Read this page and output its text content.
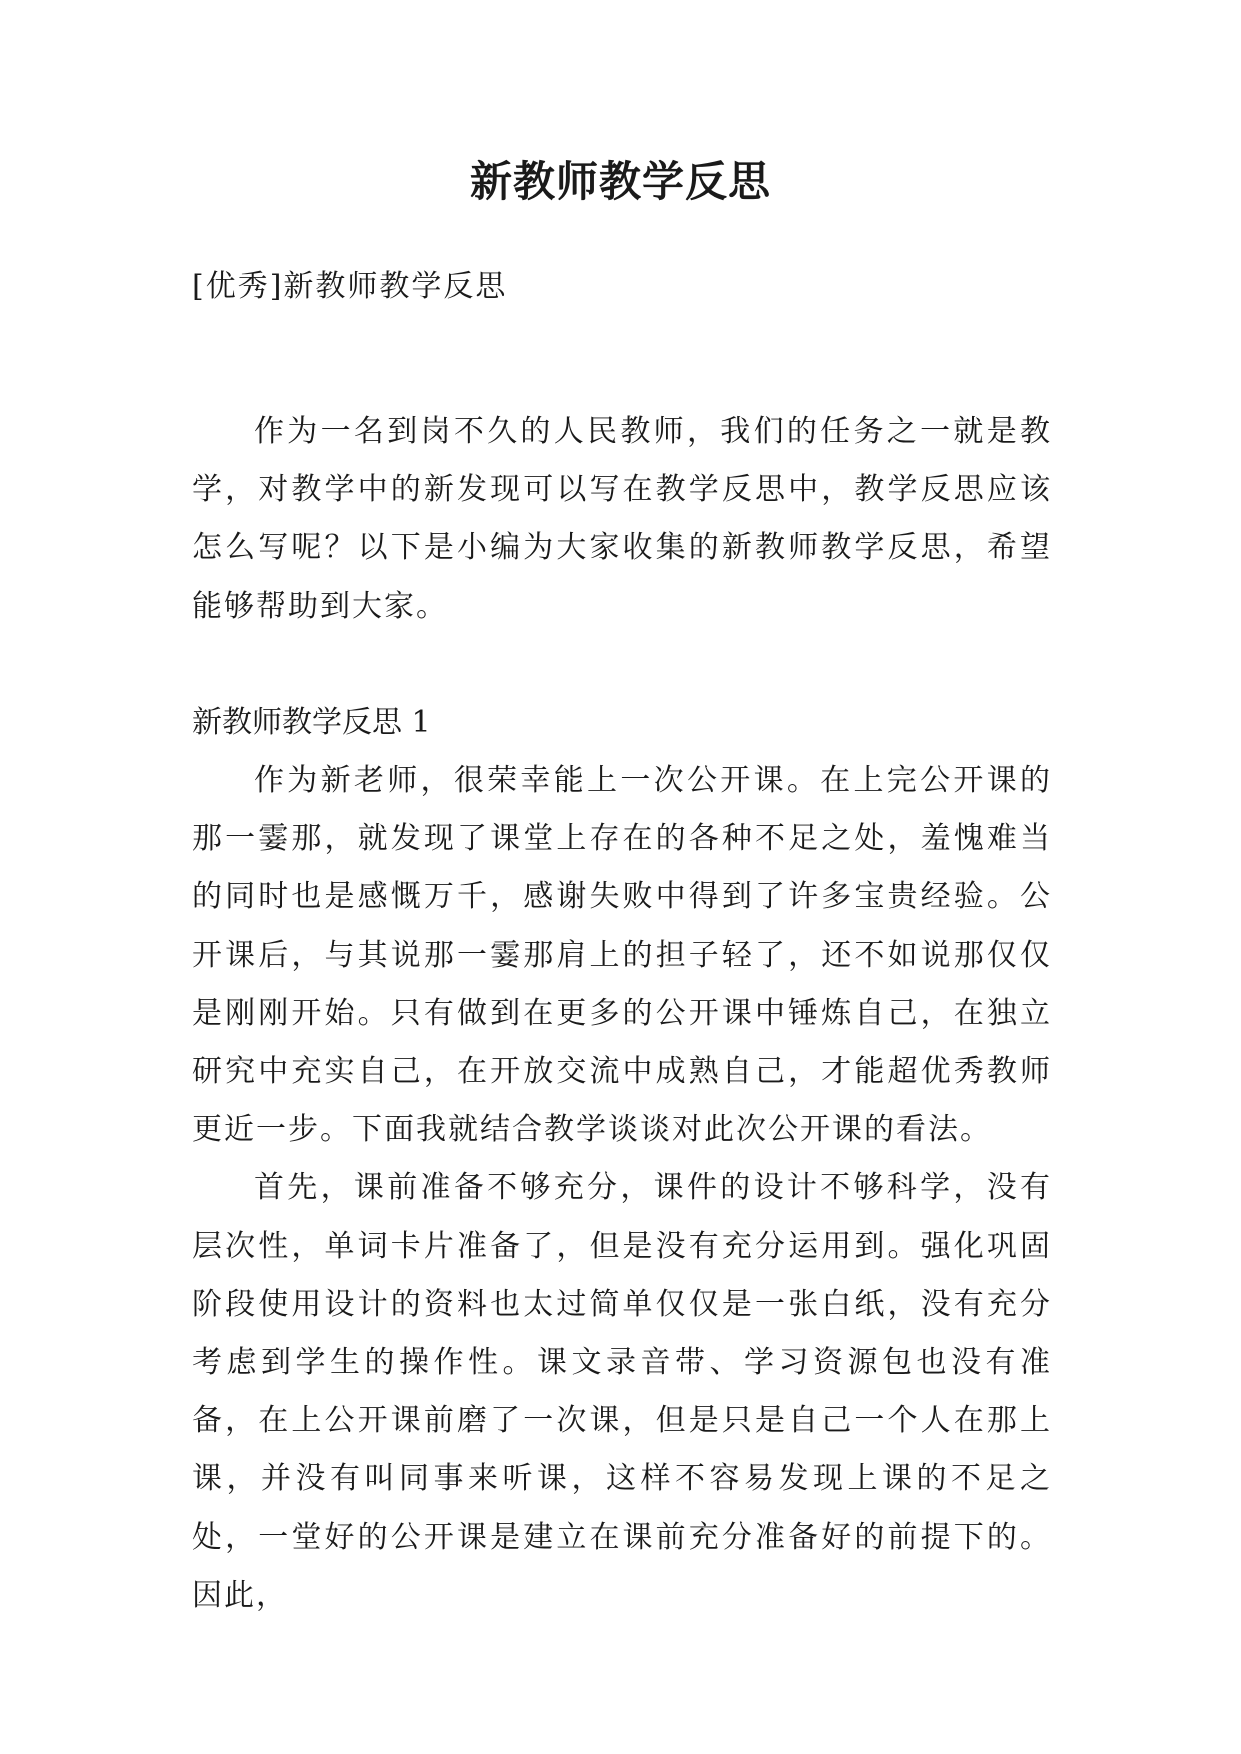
新教师教学反思

[优秀]新教师教学反思

作为一名到岗不久的人民教师，我们的任务之一就是教学，对教学中的新发现可以写在教学反思中，教学反思应该怎么写呢？以下是小编为大家收集的新教师教学反思，希望能够帮助到大家。

新教师教学反思 1

作为新老师，很荣幸能上一次公开课。在上完公开课的那一霎那，就发现了课堂上存在的各种不足之处，羞愧难当的同时也是感慨万千，感谢失败中得到了许多宝贵经验。公开课后，与其说那一霎那肩上的担子轻了，还不如说那仅仅是刚刚开始。只有做到在更多的公开课中锤炼自己，在独立研究中充实自己，在开放交流中成熟自己，才能超优秀教师更近一步。下面我就结合教学谈谈对此次公开课的看法。

首先，课前准备不够充分，课件的设计不够科学，没有层次性，单词卡片准备了，但是没有充分运用到。强化巩固阶段使用设计的资料也太过简单仅仅是一张白纸，没有充分考虑到学生的操作性。课文录音带、学习资源包也没有准备，在上公开课前磨了一次课，但是只是自己一个人在那上课，并没有叫同事来听课，这样不容易发现上课的不足之处，一堂好的公开课是建立在课前充分准备好的前提下的。因此，
